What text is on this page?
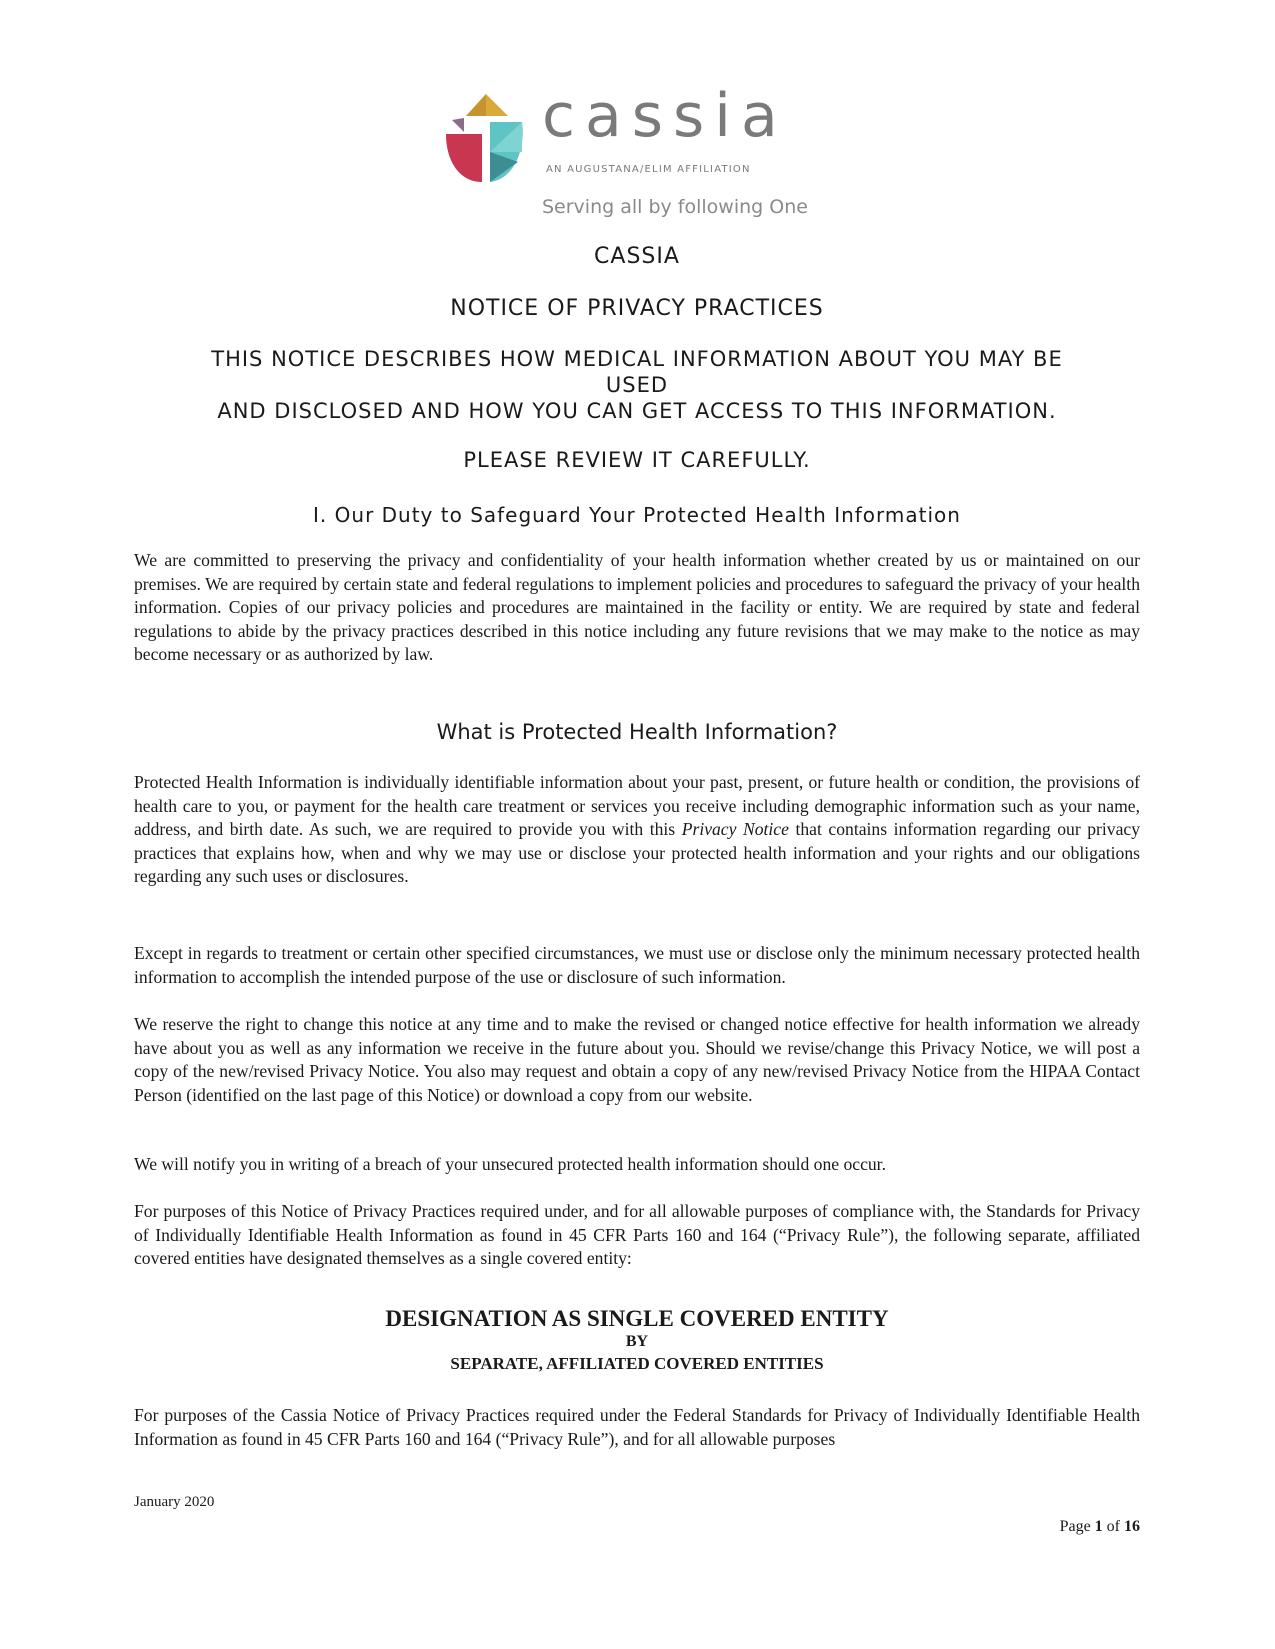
cassia
AN AUGUSTANA/ELIM AFFILIATION
Serving all by following One
CASSIA
NOTICE OF PRIVACY PRACTICES
THIS NOTICE DESCRIBES HOW MEDICAL INFORMATION ABOUT YOU MAY BE
USED
AND DISCLOSED AND HOW YOU CAN GET ACCESS TO THIS INFORMATION.
PLEASE REVIEW IT CAREFULLY.
I. Our Duty to Safeguard Your Protected Health Information

We are committed to preserving the privacy and confidentiality of your health information whether created by us or maintained on our premises. We are required by certain state and federal regulations to implement policies and procedures to safeguard the privacy of your health information. Copies of our privacy policies and procedures are maintained in the facility or entity. We are required by state and federal regulations to abide by the privacy practices described in this notice including any future revisions that we may make to the notice as may become necessary or as authorized by law.

What is Protected Health Information?

Protected Health Information is individually identifiable information about your past, present, or future health or condition, the provisions of health care to you, or payment for the health care treatment or services you receive including demographic information such as your name, address, and birth date. As such, we are required to provide you with this Privacy Notice that contains information regarding our privacy practices that explains how, when and why we may use or disclose your protected health information and your rights and our obligations regarding any such uses or disclosures.

Except in regards to treatment or certain other specified circumstances, we must use or disclose only the minimum necessary protected health information to accomplish the intended purpose of the use or disclosure of such information.

We reserve the right to change this notice at any time and to make the revised or changed notice effective for health information we already have about you as well as any information we receive in the future about you. Should we revise/change this Privacy Notice, we will post a copy of the new/revised Privacy Notice. You also may request and obtain a copy of any new/revised Privacy Notice from the HIPAA Contact Person (identified on the last page of this Notice) or download a copy from our website.

We will notify you in writing of a breach of your unsecured protected health information should one occur.

For purposes of this Notice of Privacy Practices required under, and for all allowable purposes of compliance with, the Standards for Privacy of Individually Identifiable Health Information as found in 45 CFR Parts 160 and 164 (“Privacy Rule”), the following separate, affiliated covered entities have designated themselves as a single covered entity:

DESIGNATION AS SINGLE COVERED ENTITY
BY
SEPARATE, AFFILIATED COVERED ENTITIES

For purposes of the Cassia Notice of Privacy Practices required under the Federal Standards for Privacy of Individually Identifiable Health Information as found in 45 CFR Parts 160 and 164 (“Privacy Rule”), and for all allowable purposes

January 2020
Page 1 of 16
